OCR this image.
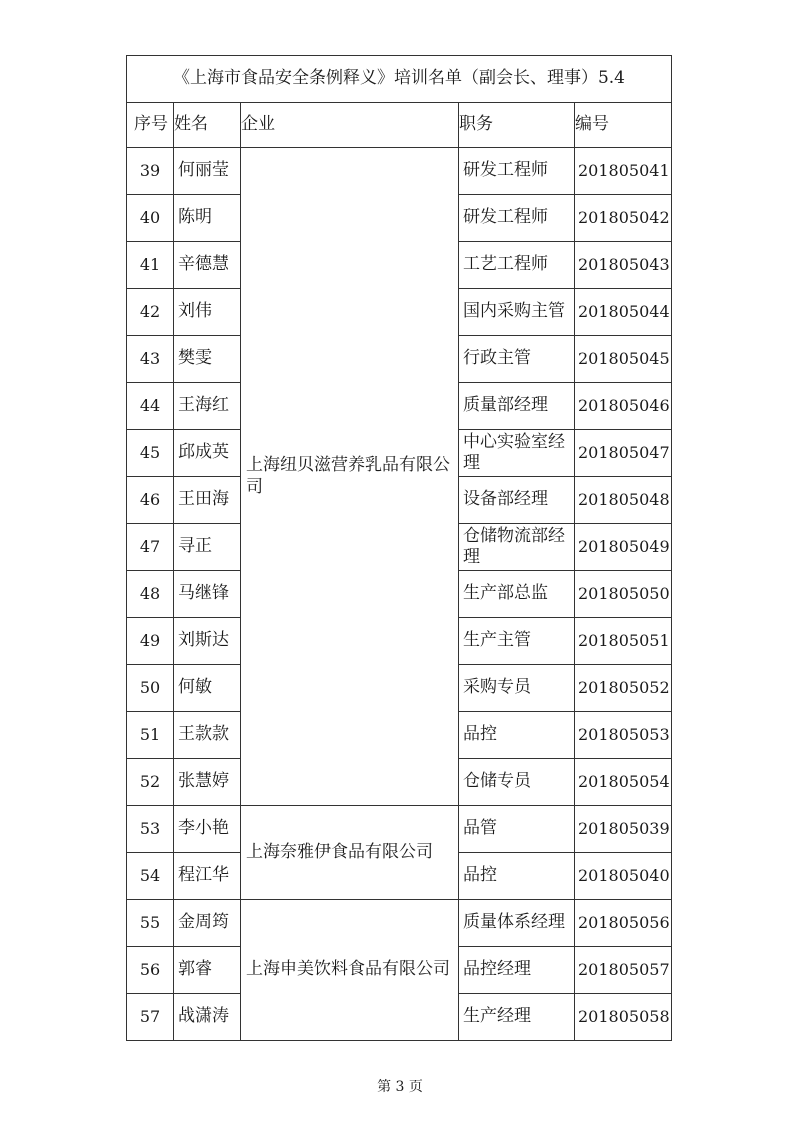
《上海市食品安全条例释义》培训名单（副会长、理事）5.4				
序号	姓名	企业	职务	编号
39	何丽莹	上海纽贝滋营养乳品有限公司	研发工程师	201805041
40	陈明		研发工程师	201805042
41	辛德慧		工艺工程师	201805043
42	刘伟		国内采购主管	201805044
43	樊雯		行政主管	201805045
44	王海红		质量部经理	201805046
45	邱成英		中心实验室经理	201805047
46	王田海		设备部经理	201805048
47	寻正		仓储物流部经理	201805049
48	马继锋		生产部总监	201805050
49	刘斯达		生产主管	201805051
50	何敏		采购专员	201805052
51	王款款		品控	201805053
52	张慧婷		仓储专员	201805054
53	李小艳	上海奈雅伊食品有限公司	品管	201805039
54	程江华		品控	201805040
55	金周筠	上海申美饮料食品有限公司	质量体系经理	201805056
56	郭睿		品控经理	201805057
57	战潇涛		生产经理	201805058
第 3 页
